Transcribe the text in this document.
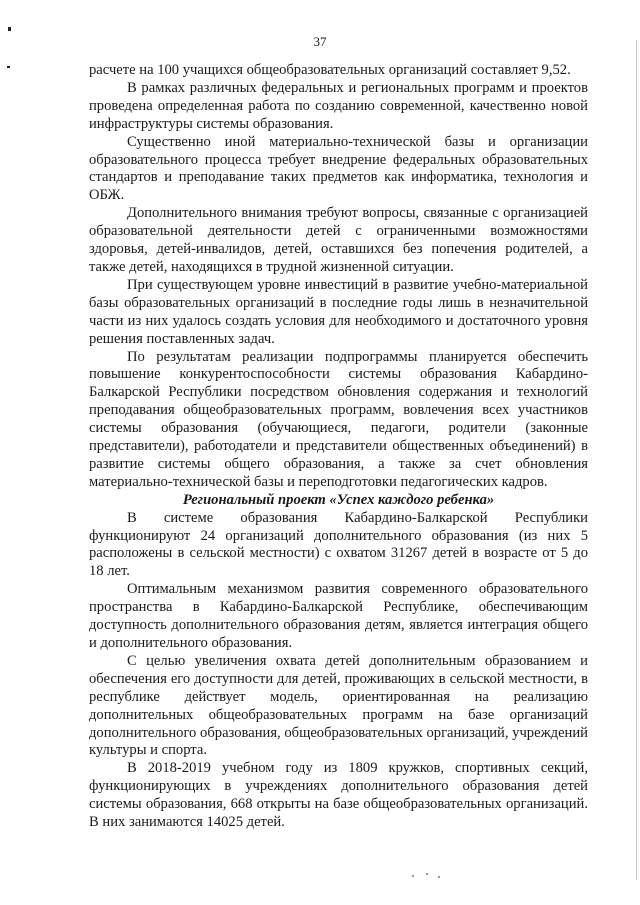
37

расчете на 100 учащихся общеобразовательных организаций составляет 9,52.

В рамках различных федеральных и региональных программ и проектов проведена определенная работа по созданию современной, качественно новой инфраструктуры системы образования.

Существенно иной материально-технической базы и организации образовательного процесса требует внедрение федеральных образовательных стандартов и преподавание таких предметов как информатика, технология и ОБЖ.

Дополнительного внимания требуют вопросы, связанные с организацией образовательной деятельности детей с ограниченными возможностями здоровья, детей-инвалидов, детей, оставшихся без попечения родителей, а также детей, находящихся в трудной жизненной ситуации.

При существующем уровне инвестиций в развитие учебно-материальной базы образовательных организаций в последние годы лишь в незначительной части из них удалось создать условия для необходимого и достаточного уровня решения поставленных задач.

По результатам реализации подпрограммы планируется обеспечить повышение конкурентоспособности системы образования Кабардино-Балкарской Республики посредством обновления содержания и технологий преподавания общеобразовательных программ, вовлечения всех участников системы образования (обучающиеся, педагоги, родители (законные представители), работодатели и представители общественных объединений) в развитие системы общего образования, а также за счет обновления материально-технической базы и переподготовки педагогических кадров.

Региональный проект «Успех каждого ребенка»

В системе образования Кабардино-Балкарской Республики функционируют 24 организаций дополнительного образования (из них 5 расположены в сельской местности) с охватом 31267 детей в возрасте от 5 до 18 лет.

Оптимальным механизмом развития современного образовательного пространства в Кабардино-Балкарской Республике, обеспечивающим доступность дополнительного образования детям, является интеграция общего и дополнительного образования.

С целью увеличения охвата детей дополнительным образованием и обеспечения его доступности для детей, проживающих в сельской местности, в республике действует модель, ориентированная на реализацию дополнительных общеобразовательных программ на базе организаций дополнительного образования, общеобразовательных организаций, учреждений культуры и спорта.

В 2018-2019 учебном году из 1809 кружков, спортивных секций, функционирующих в учреждениях дополнительного образования детей системы образования, 668 открыты на базе общеобразовательных организаций. В них занимаются 14025 детей.
